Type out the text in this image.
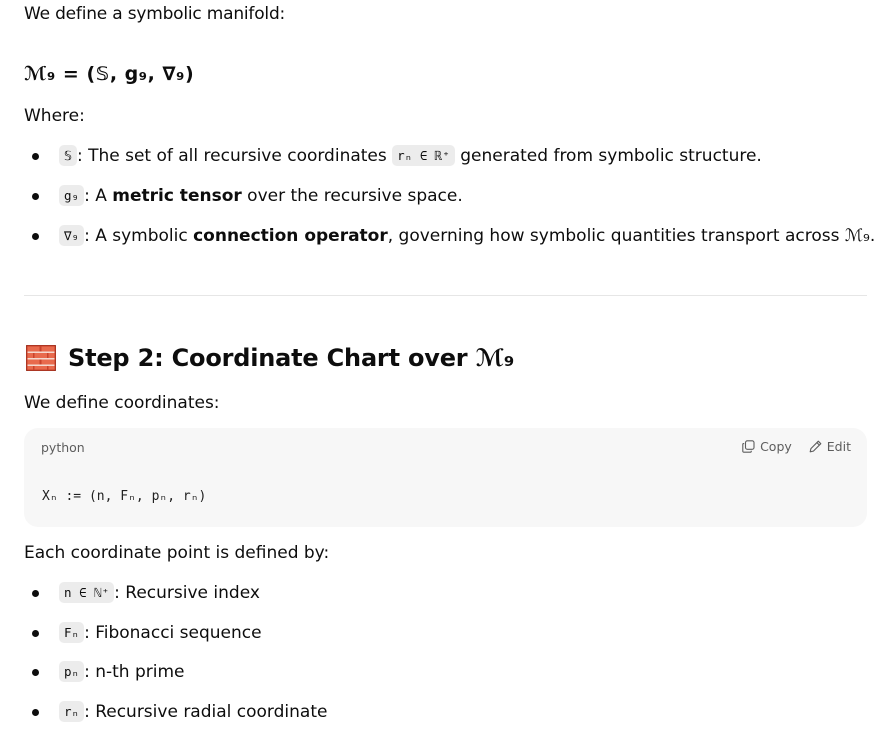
We define a symbolic manifold:
ℳ₉ = (𝕊, g₉, ∇₉)
Where:
𝕊 : The set of all recursive coordinates rₙ ∈ ℝ⁺ generated from symbolic structure.
g₉ : A metric tensor over the recursive space.
∇₉ : A symbolic connection operator, governing how symbolic quantities transport across ℳ₉.
Step 2: Coordinate Chart over ℳ₉
We define coordinates:
python	Copy	Edit
Xₙ := (n, Fₙ, pₙ, rₙ)
Each coordinate point is defined by:
n ∈ ℕ⁺ : Recursive index
Fₙ : Fibonacci sequence
pₙ : n-th prime
rₙ : Recursive radial coordinate
